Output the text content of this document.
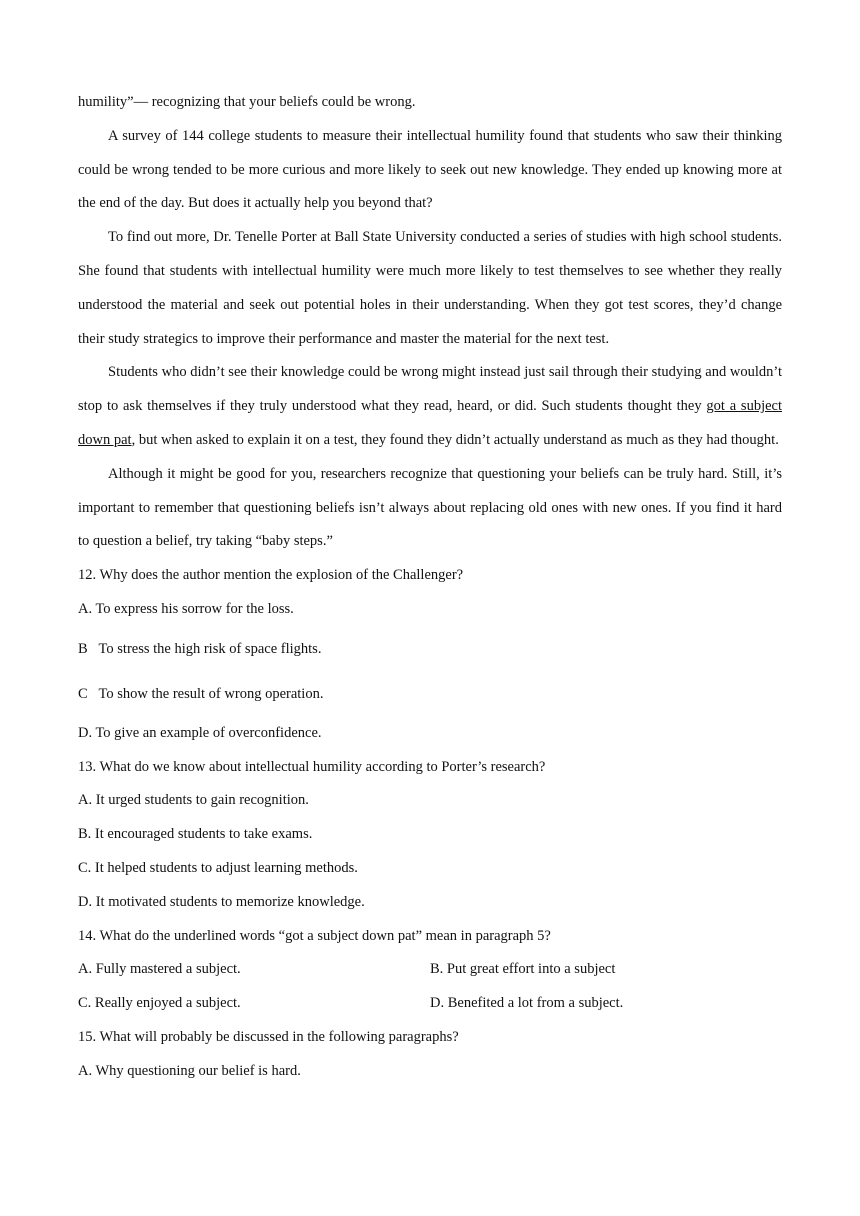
humility”— recognizing that your beliefs could be wrong.

A survey of 144 college students to measure their intellectual humility found that students who saw their thinking could be wrong tended to be more curious and more likely to seek out new knowledge. They ended up knowing more at the end of the day. But does it actually help you beyond that?

To find out more, Dr. Tenelle Porter at Ball State University conducted a series of studies with high school students. She found that students with intellectual humility were much more likely to test themselves to see whether they really understood the material and seek out potential holes in their understanding. When they got test scores, they’d change their study strategics to improve their performance and master the material for the next test.

Students who didn’t see their knowledge could be wrong might instead just sail through their studying and wouldn’t stop to ask themselves if they truly understood what they read, heard, or did. Such students thought they got a subject down pat, but when asked to explain it on a test, they found they didn’t actually understand as much as they had thought.

Although it might be good for you, researchers recognize that questioning your beliefs can be truly hard. Still, it’s important to remember that questioning beliefs isn’t always about replacing old ones with new ones. If you find it hard to question a belief, try taking “baby steps.”

12. Why does the author mention the explosion of the Challenger?

A. To express his sorrow for the loss.

B   To stress the high risk of space flights.

C   To show the result of wrong operation.

D. To give an example of overconfidence.

13. What do we know about intellectual humility according to Porter’s research?

A. It urged students to gain recognition.

B. It encouraged students to take exams.

C. It helped students to adjust learning methods.

D. It motivated students to memorize knowledge.

14. What do the underlined words “got a subject down pat” mean in paragraph 5?

A. Fully mastered a subject.	B. Put great effort into a subject
C. Really enjoyed a subject.	D. Benefited a lot from a subject.

15. What will probably be discussed in the following paragraphs?

A. Why questioning our belief is hard.
